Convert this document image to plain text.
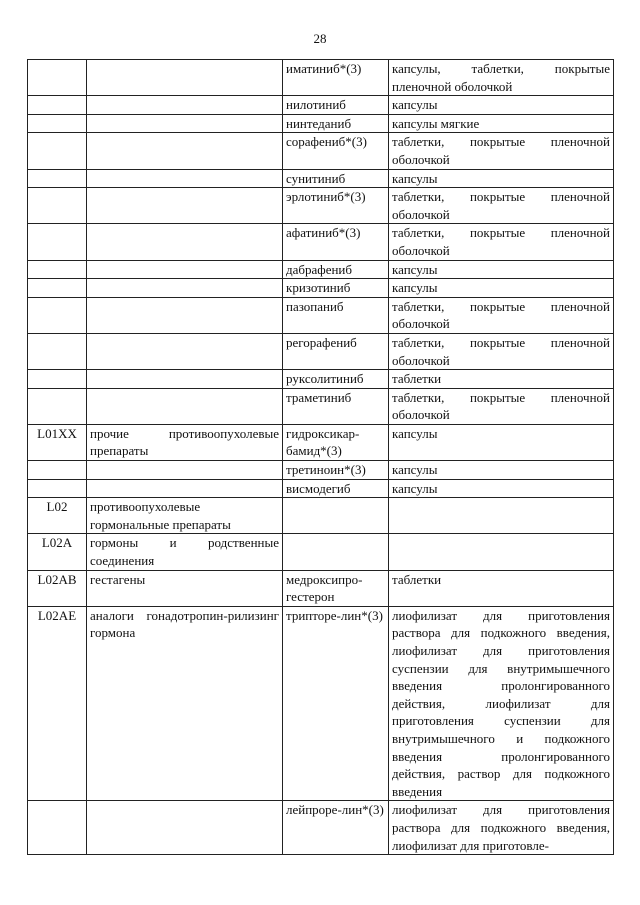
28
		иматиниб*(3)	капсулы, таблетки, покрытые пленочной оболочкой
		нилотиниб	капсулы
		нинтеданиб	капсулы мягкие
		сорафениб*(3)	таблетки, покрытые пленочной оболочкой
		сунитиниб	капсулы
		эрлотиниб*(3)	таблетки, покрытые пленочной оболочкой
		афатиниб*(3)	таблетки, покрытые пленочной оболочкой
		дабрафениб	капсулы
		кризотиниб	капсулы
		пазопаниб	таблетки, покрытые пленочной оболочкой
		регорафениб	таблетки, покрытые пленочной оболочкой
		руксолитиниб	таблетки
		траметиниб	таблетки, покрытые пленочной оболочкой
L01XX	прочие противоопухолевые препараты	гидроксикар-бамид*(3)	капсулы
		третиноин*(3)	капсулы
		висмодегиб	капсулы
L02	противоопухолевые гормональные препараты		
L02A	гормоны и родственные соединения		
L02AB	гестагены	медроксипро-гестерон	таблетки
L02AE	аналоги гонадотропин-рилизинг гормона	трипторе-лин*(3)	лиофилизат для приготовления раствора для подкожного введения, лиофилизат для приготовления суспензии для внутримышечного введения пролонгированного действия, лиофилизат для приготовления суспензии для внутримышечного и подкожного введения пролонгированного действия, раствор для подкожного введения
		лейпроре-лин*(3)	лиофилизат для приготовления раствора для подкожного введения, лиофилизат для приготовле-
